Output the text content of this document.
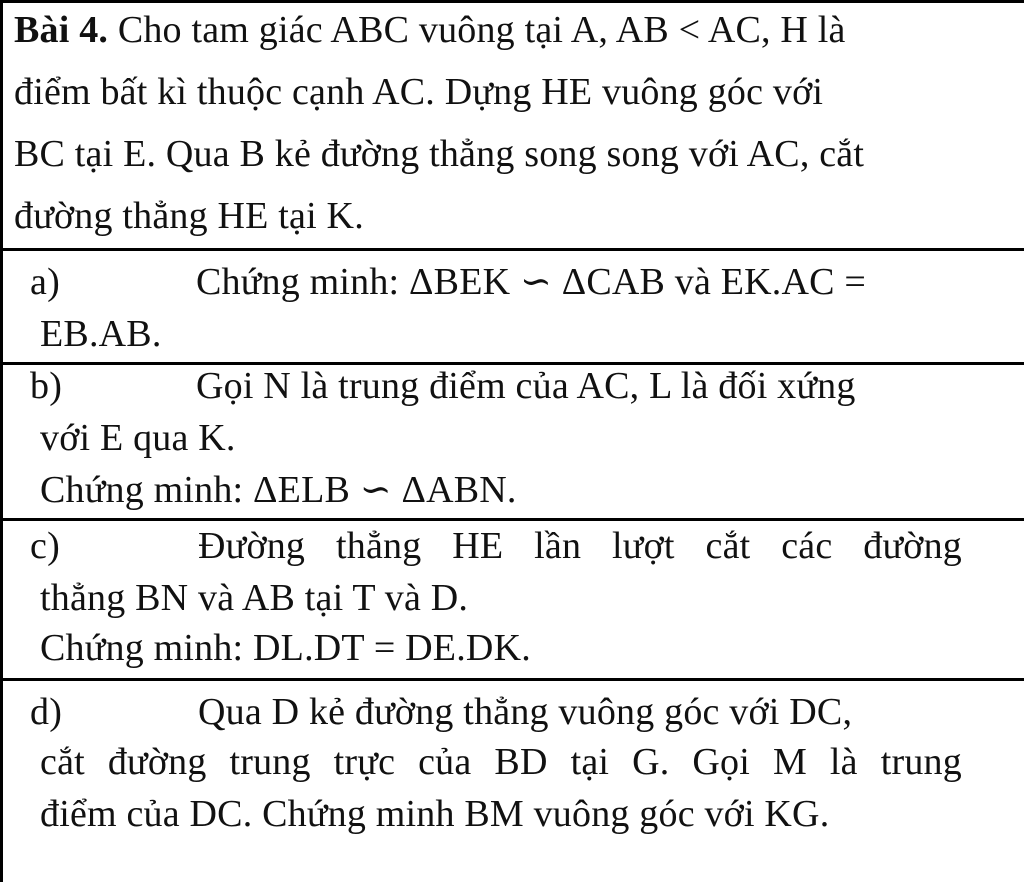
Bài 4. Cho tam giác ABC vuông tại A, AB < AC, H là
điểm bất kì thuộc cạnh AC. Dựng HE vuông góc với
BC tại E. Qua B kẻ đường thẳng song song với AC, cắt
đường thẳng HE tại K.
a)	Chứng minh: ΔBEK ∽ ΔCAB và EK.AC =
EB.AB.
b)	Gọi N là trung điểm của AC, L là đối xứng
với E qua K.
Chứng minh: ΔELB ∽ ΔABN.
c)	Đường thẳng HE lần lượt cắt các đường
thẳng BN và AB tại T và D.
Chứng minh: DL.DT = DE.DK.
d)	Qua D kẻ đường thẳng vuông góc với DC,
cắt đường trung trực của BD tại G. Gọi M là trung
điểm của DC. Chứng minh BM vuông góc với KG.
